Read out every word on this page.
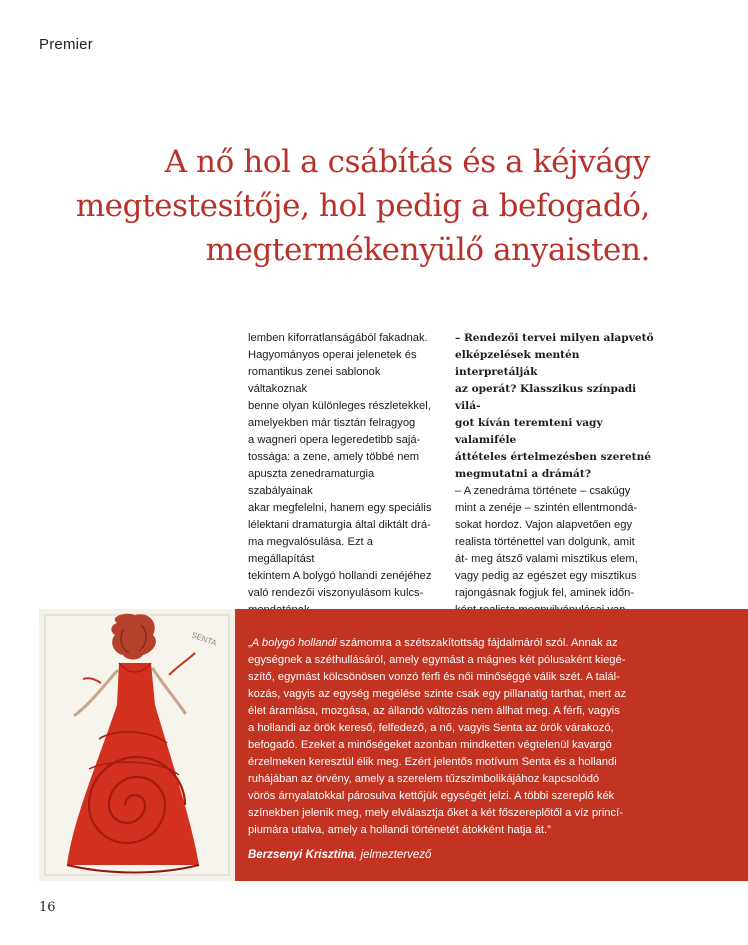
Premier
A nő hol a csábítás és a kéjvágy
megtestesítője, hol pedig a befogadó,
megtermékenyülő anyaisten.

lemben kiforratlanságából fakadnak.

Hagyományos operai jelenetek és

romantikus zenei sablonok váltakoznak

benne olyan különleges részletekkel,

amelyekben már tisztán felragyog

a wagneri opera legeredetibb sajá-

tossága: a zene, amely többé nem

apuszta zenedramaturgia szabályainak

akar megfelelni, hanem egy speciális

lélektani dramaturgia által diktált drá-

ma megvalósulása. Ezt a megállapítást

tekintem A bolygó hollandi zenéjéhez

való rendezői viszonyulásom kulcs-

– Rendezői tervei milyen alapvető

elképzelések mentén interpretálják

az operát? Klasszikus színpadi vilá-

got kíván teremteni vagy valamiféle

áttételes értelmezésben szeretné

megmutatni a drámát?

– A zenedráma története – csakúgy

mint a zenéje – szintén ellentmondá-

sokat hordoz. Vajon alapvetően egy

realista történettel van dolgunk, amit

át- meg átsző valami misztikus elem,

vagy pedig az egészet egy misztikus

rajongásnak fogjuk fel, aminek időn-

SENTA	„A bolygó hollandi számomra a szétszakítottság fájdalmáról szól. Annak az
egységnek a széthullásáról, amely egymást a mágnes két pólusaként kiegé-
szítő, egymást kölcsönösen vonzó férfi és női minőséggé válik szét. A talál-
kozás, vagyis az egység megélése szinte csak egy pillanatig tarthat, mert az
élet áramlása, mozgása, az állandó változás nem állhat meg. A férfi, vagyis
a hollandi az örök kereső, felfedező, a nő, vagyis Senta az örök várakozó,
befogadó. Ezeket a minőségeket azonban mindketten végtelenül kavargó
érzelmeken keresztül élik meg. Ezért jelentős motívum Senta és a hollandi
ruhájában az örvény, amely a szerelem tűzszimbolikájához kapcsolódó
vörös árnyalatokkal párosulva kettőjük egységét jelzi. A többi szereplő kék
színekben jelenik meg, mely elválasztja őket a két főszereplőtől a víz princí-
piumára utalva, amely a hollandi történetét átokként hatja át.”
Berzsenyi Krisztina, jelmeztervező
16
